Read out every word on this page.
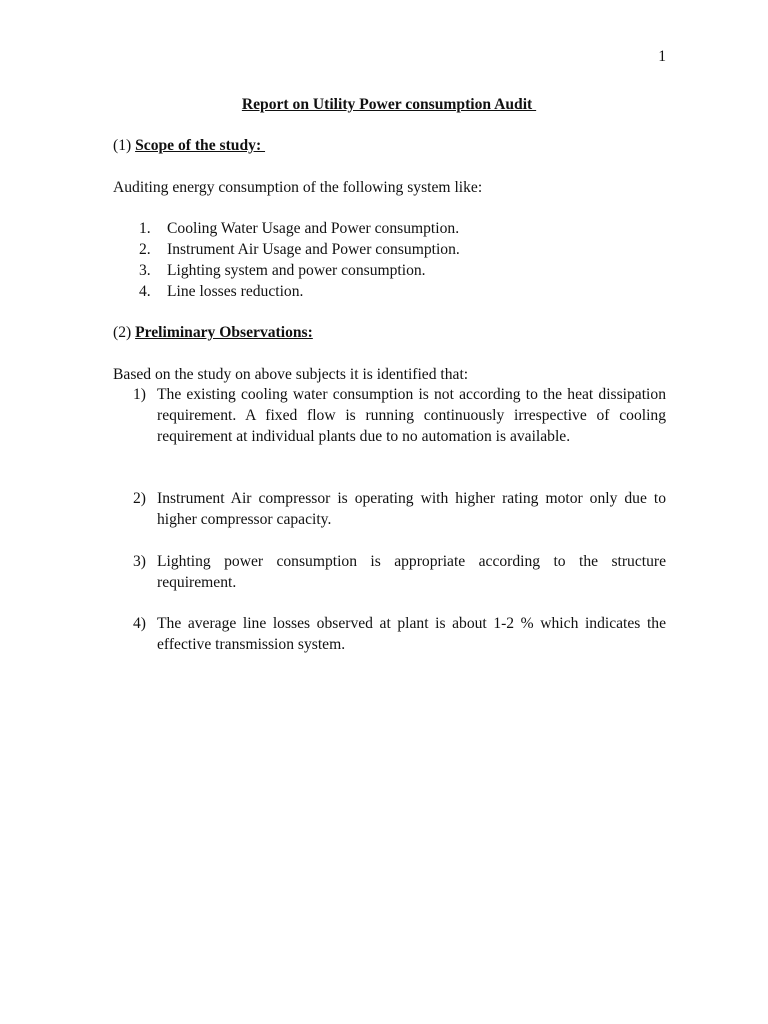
1
Report on Utility Power consumption Audit
(1) Scope of the study:
Auditing energy consumption of the following system like:
1. Cooling Water Usage and Power consumption.
2. Instrument Air Usage and Power consumption.
3. Lighting system and power consumption.
4. Line losses reduction.
(2) Preliminary Observations:
Based on the study on above subjects it is identified that:
1) The existing cooling water consumption is not according to the heat dissipation requirement. A fixed flow is running continuously irrespective of cooling requirement at individual plants due to no automation is available.
2) Instrument Air compressor is operating with higher rating motor only due to higher compressor capacity.
3) Lighting power consumption is appropriate according to the structure requirement.
4) The average line losses observed at plant is about 1-2 % which indicates the effective transmission system.
